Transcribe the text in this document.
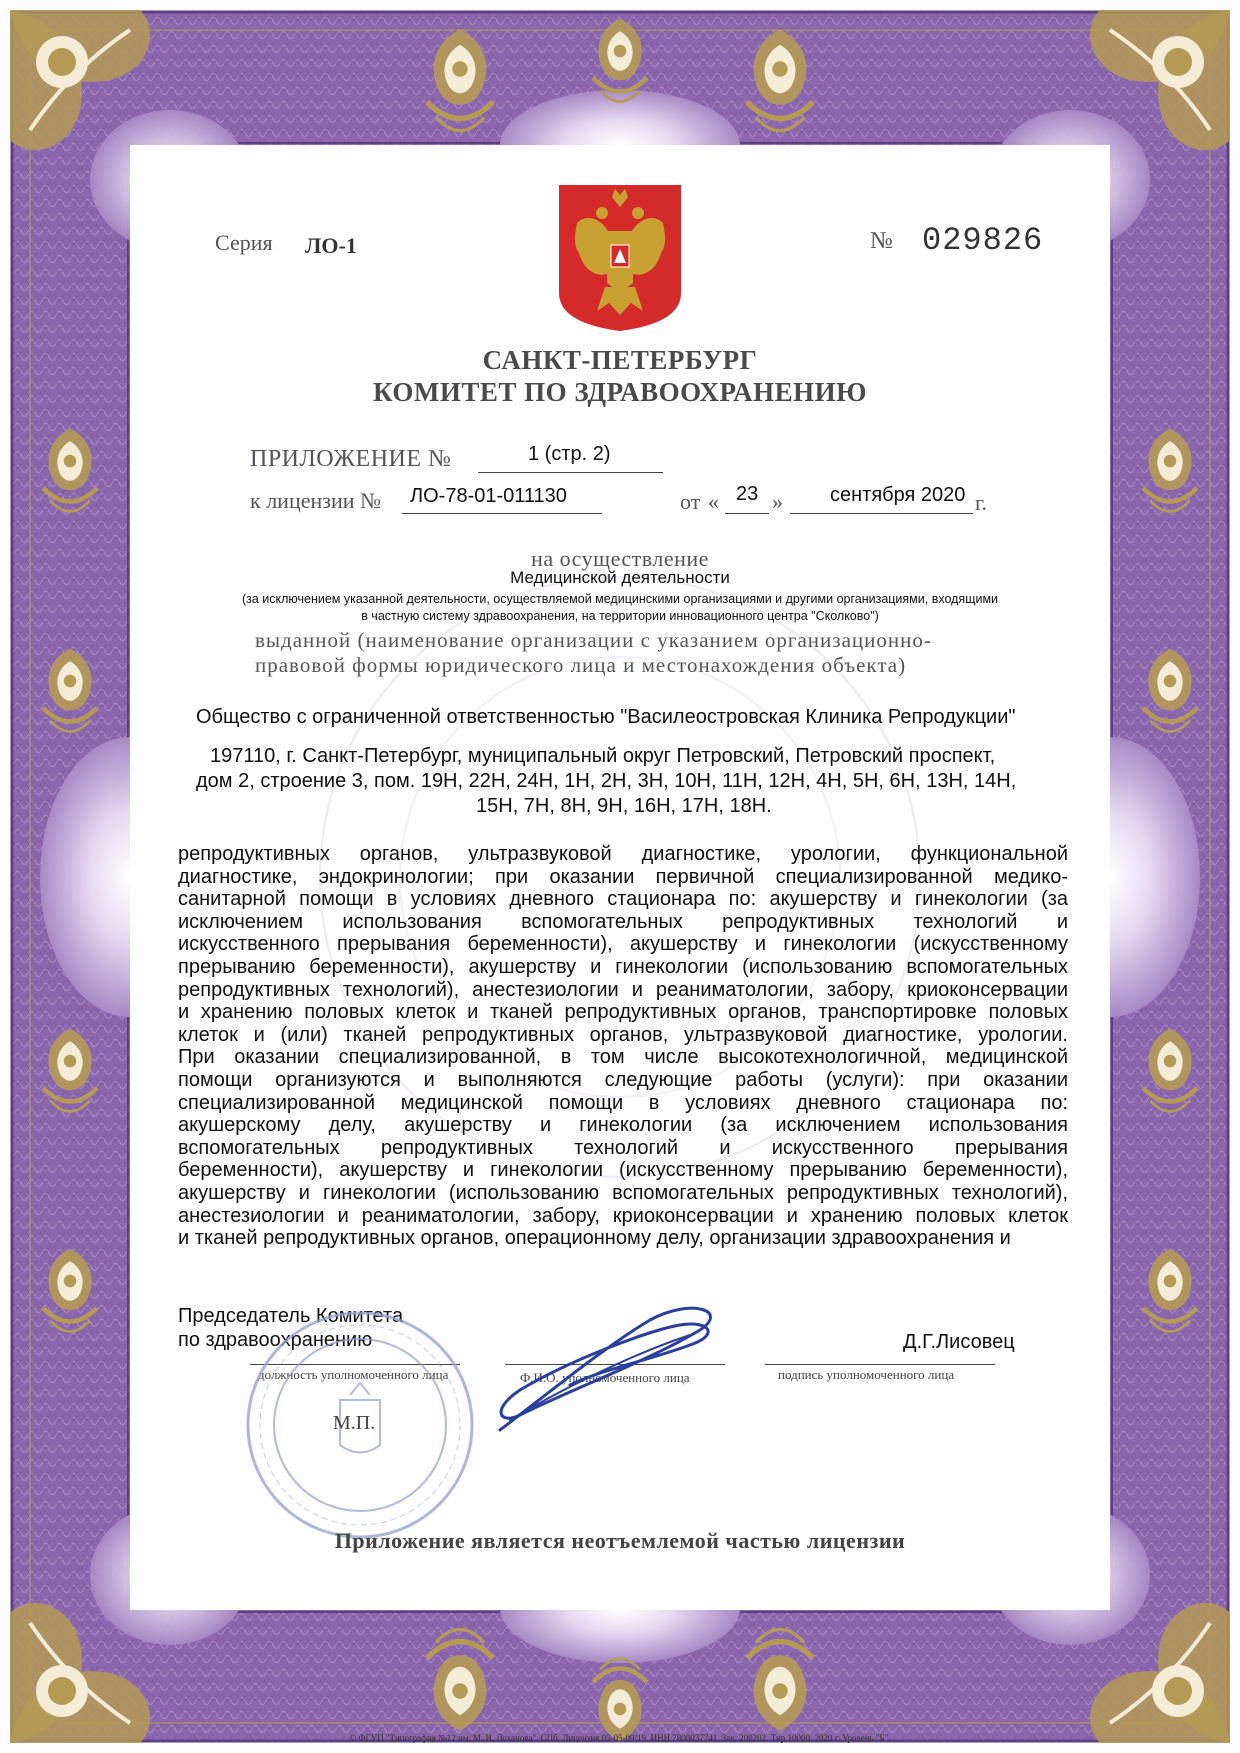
Серия ЛО-1	№ 029826
САНКТ-ПЕТЕРБУРГ
КОМИТЕТ ПО ЗДРАВООХРАНЕНИЮ
ПРИЛОЖЕНИЕ №	1 (стр. 2)
к лицензии № ЛО-78-01-011130	от « 23 » сентября 2020 г.
на осуществление
Медицинской деятельности
(за исключением указанной деятельности, осуществляемой медицинскими организациями и другими организациями, входящими
в частную систему здравоохранения, на территории инновационного центра "Сколково")
выданной (наименование организации с указанием организационно-
правовой формы юридического лица и местонахождения объекта)
Общество с ограниченной ответственностью "Василеостровская Клиника Репродукции"
197110, г. Санкт-Петербург, муниципальный округ Петровский, Петровский проспект,
дом 2, строение 3, пом. 19Н, 22Н, 24Н, 1Н, 2Н, 3Н, 10Н, 11Н, 12Н, 4Н, 5Н, 6Н, 13Н, 14Н,
15Н, 7Н, 8Н, 9Н, 16Н, 17Н, 18Н.
репродуктивных органов, ультразвуковой диагностике, урологии, функциональной
диагностике, эндокринологии; при оказании первичной специализированной медико-
санитарной помощи в условиях дневного стационара по: акушерству и гинекологии (за
исключением использования вспомогательных репродуктивных технологий и
искусственного прерывания беременности), акушерству и гинекологии (искусственному
прерыванию беременности), акушерству и гинекологии (использованию вспомогательных
репродуктивных технологий), анестезиологии и реаниматологии, забору, криоконсервации
и хранению половых клеток и тканей репродуктивных органов, транспортировке половых
клеток и (или) тканей репродуктивных органов, ультразвуковой диагностике, урологии.
При оказании специализированной, в том числе высокотехнологичной, медицинской
помощи организуются и выполняются следующие работы (услуги): при оказании
специализированной медицинской помощи в условиях дневного стационара по:
акушерскому делу, акушерству и гинекологии (за исключением использования
вспомогательных репродуктивных технологий и искусственного прерывания
беременности), акушерству и гинекологии (искусственному прерыванию беременности),
акушерству и гинекологии (использованию вспомогательных репродуктивных технологий),
анестезиологии и реаниматологии, забору, криоконсервации и хранению половых клеток
и тканей репродуктивных органов, операционному делу, организации здравоохранения и
Председатель Комитета
по здравоохранению	Д.Г.Лисовец
должность уполномоченного лица	Ф.И.О. уполномоченного лица	подпись уполномоченного лица
М.П.
Приложение является неотъемлемой частью лицензии
© ФГУП "Типография №12 им. М. И. Лоханова". СПб. Лицензия 05-05-09/19. ИНН 7808037741. Зак. 200202. Тир.10000. 2020 г. Уровень "Б".
